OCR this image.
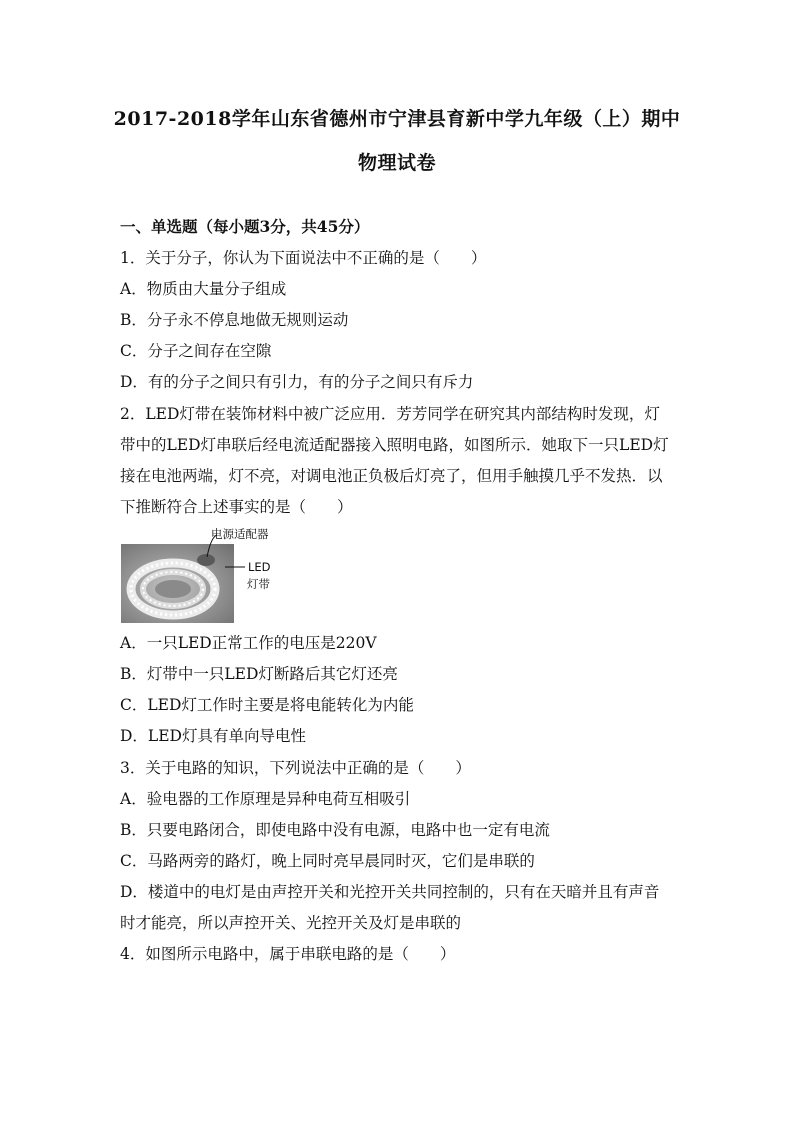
2017-2018学年山东省德州市宁津县育新中学九年级（上）期中
物理试卷
一、单选题（每小题3分，共45分）
1．关于分子，你认为下面说法中不正确的是（　　）
A．物质由大量分子组成
B．分子永不停息地做无规则运动
C．分子之间存在空隙
D．有的分子之间只有引力，有的分子之间只有斥力
2．LED灯带在装饰材料中被广泛应用．芳芳同学在研究其内部结构时发现，灯
带中的LED灯串联后经电流适配器接入照明电路，如图所示．她取下一只LED灯
接在电池两端，灯不亮，对调电池正负极后灯亮了，但用手触摸几乎不发热．以
下推断符合上述事实的是（　　）
电源适配器
LED
灯带
A．一只LED正常工作的电压是220V
B．灯带中一只LED灯断路后其它灯还亮
C．LED灯工作时主要是将电能转化为内能
D．LED灯具有单向导电性
3．关于电路的知识，下列说法中正确的是（　　）
A．验电器的工作原理是异种电荷互相吸引
B．只要电路闭合，即使电路中没有电源，电路中也一定有电流
C．马路两旁的路灯，晚上同时亮早晨同时灭，它们是串联的
D．楼道中的电灯是由声控开关和光控开关共同控制的，只有在天暗并且有声音
时才能亮，所以声控开关、光控开关及灯是串联的
4．如图所示电路中，属于串联电路的是（　　）
